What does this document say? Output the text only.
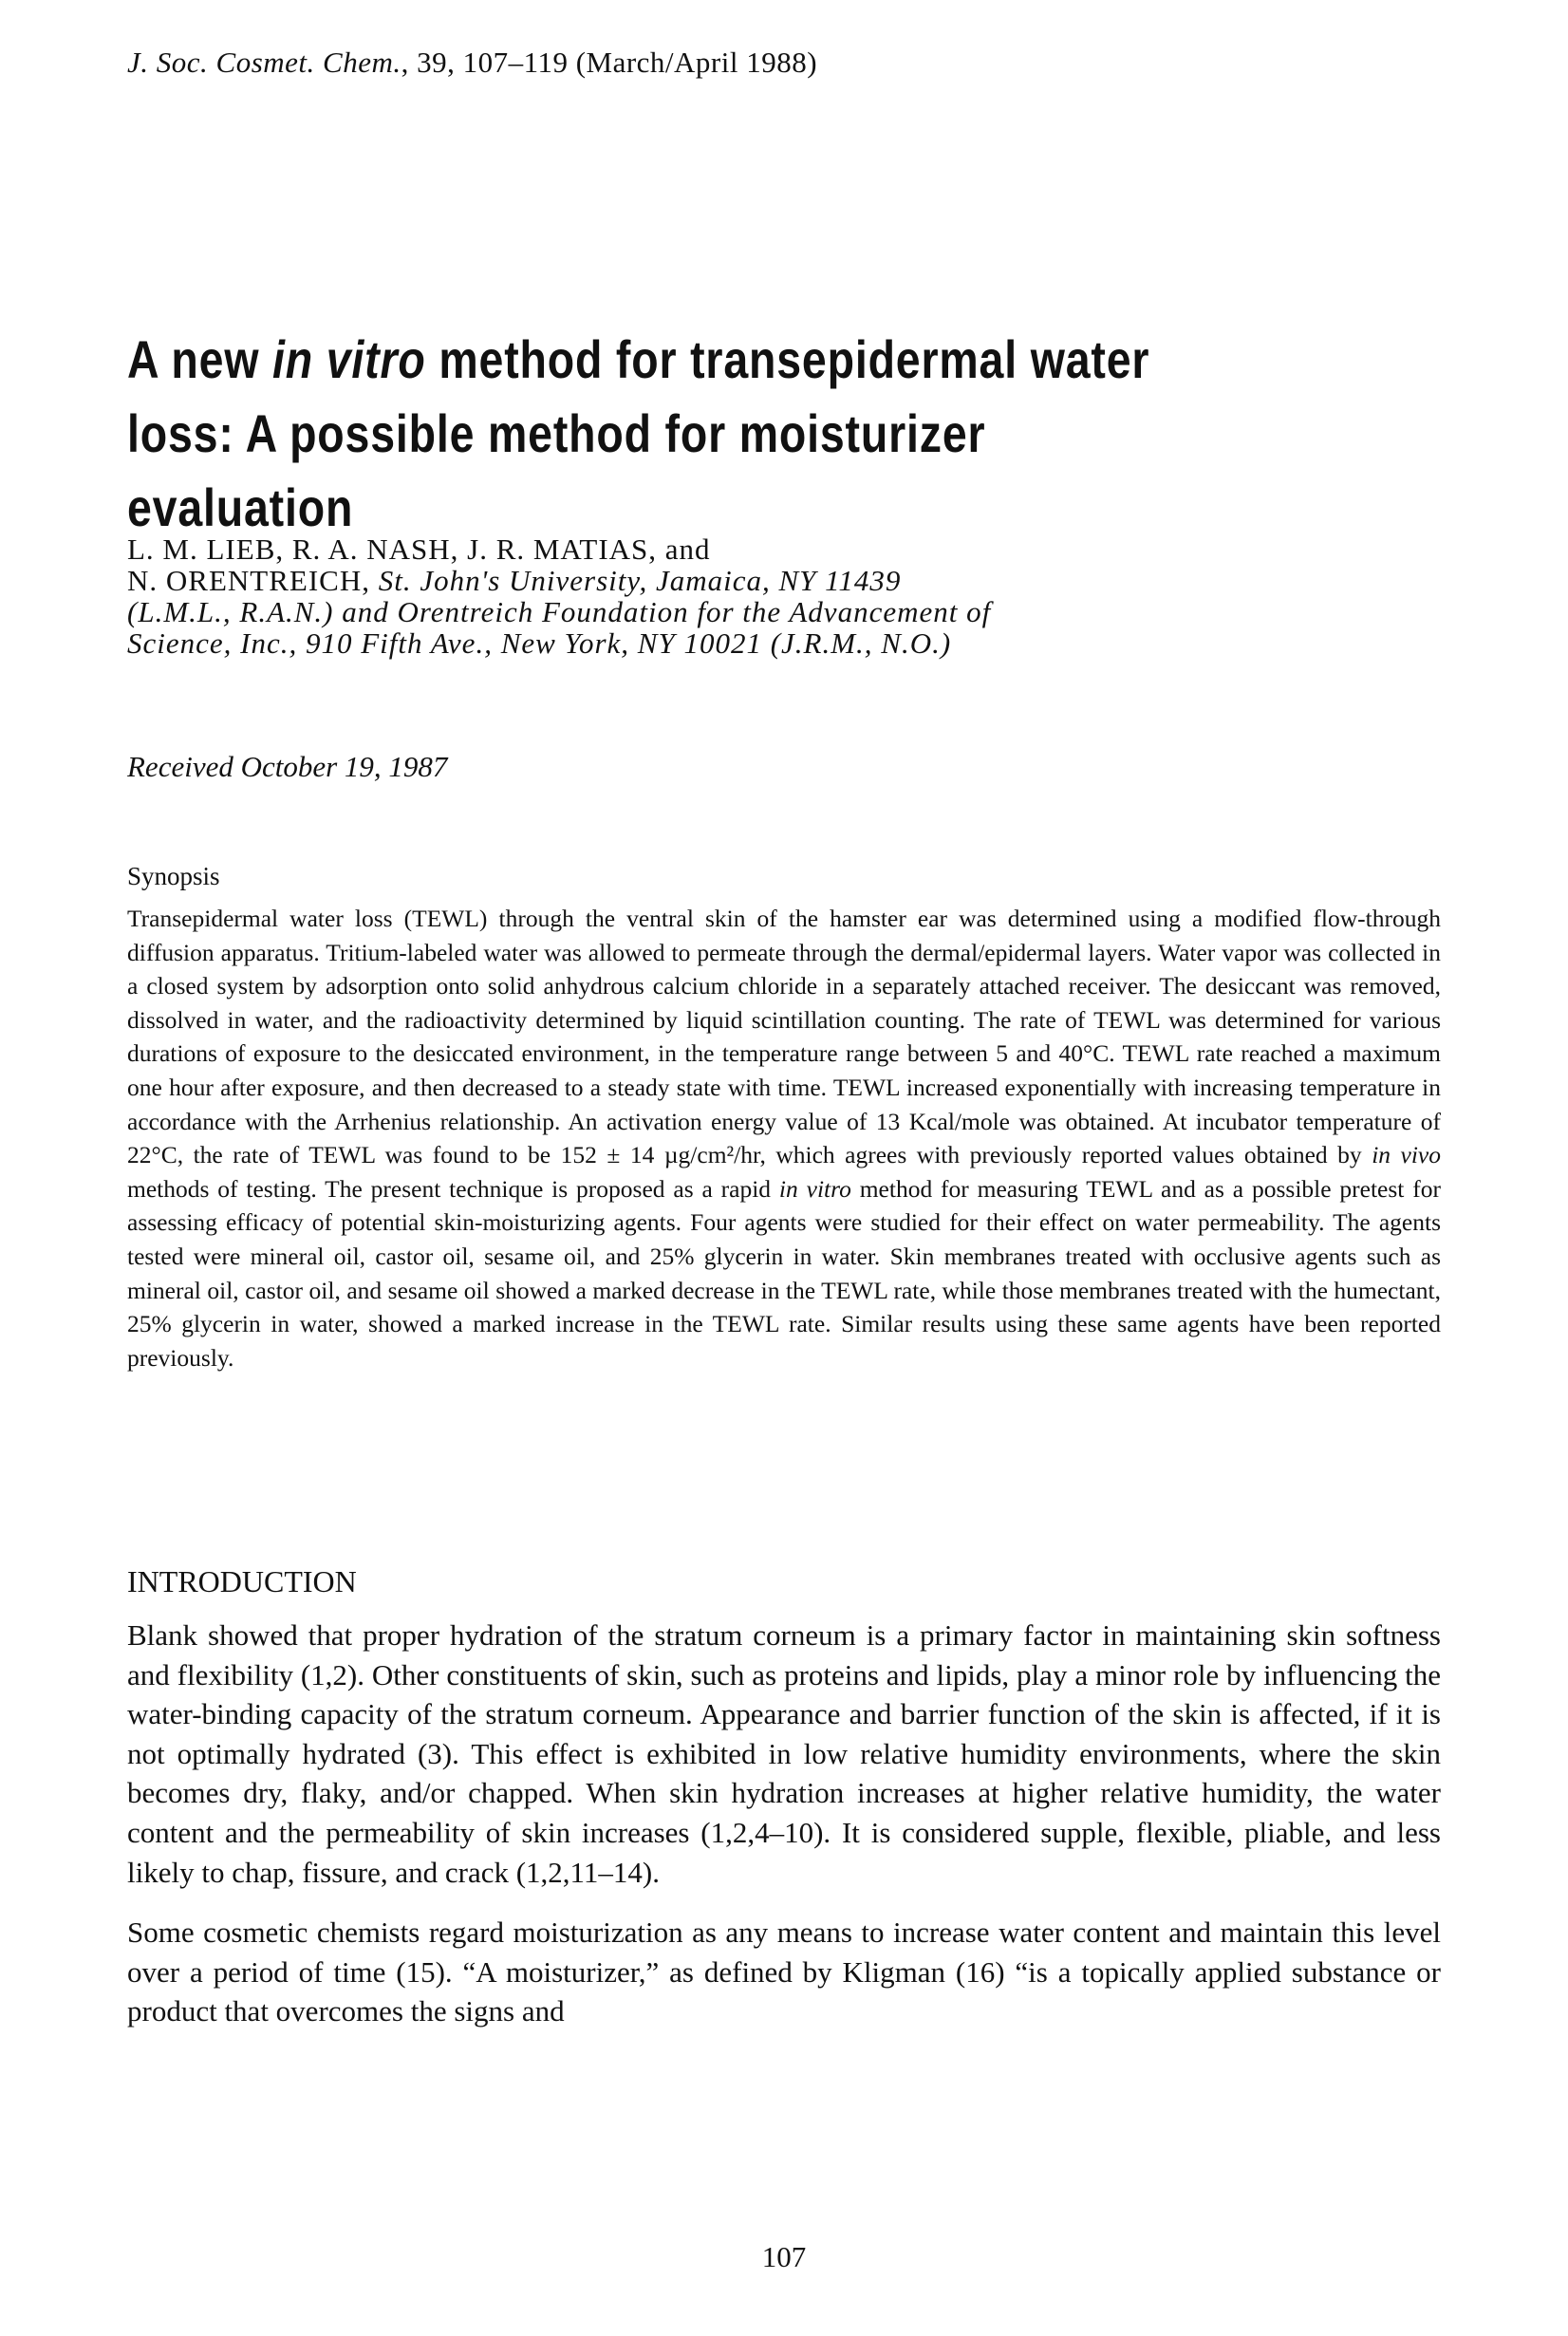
J. Soc. Cosmet. Chem., 39, 107–119 (March/April 1988)
A new in vitro method for transepidermal water loss: A possible method for moisturizer evaluation
L. M. LIEB, R. A. NASH, J. R. MATIAS, and
N. ORENTREICH, St. John's University, Jamaica, NY 11439
(L.M.L., R.A.N.) and Orentreich Foundation for the Advancement of
Science, Inc., 910 Fifth Ave., New York, NY 10021 (J.R.M., N.O.)
Received October 19, 1987
Synopsis

Transepidermal water loss (TEWL) through the ventral skin of the hamster ear was determined using a modified flow-through diffusion apparatus. Tritium-labeled water was allowed to permeate through the dermal/epidermal layers. Water vapor was collected in a closed system by adsorption onto solid anhydrous calcium chloride in a separately attached receiver. The desiccant was removed, dissolved in water, and the radioactivity determined by liquid scintillation counting. The rate of TEWL was determined for various durations of exposure to the desiccated environment, in the temperature range between 5 and 40°C. TEWL rate reached a maximum one hour after exposure, and then decreased to a steady state with time. TEWL increased exponentially with increasing temperature in accordance with the Arrhenius relationship. An activation energy value of 13 Kcal/mole was obtained. At incubator temperature of 22°C, the rate of TEWL was found to be 152 ± 14 µg/cm²/hr, which agrees with previously reported values obtained by in vivo methods of testing. The present technique is proposed as a rapid in vitro method for measuring TEWL and as a possible pretest for assessing efficacy of potential skin-moisturizing agents. Four agents were studied for their effect on water permeability. The agents tested were mineral oil, castor oil, sesame oil, and 25% glycerin in water. Skin membranes treated with occlusive agents such as mineral oil, castor oil, and sesame oil showed a marked decrease in the TEWL rate, while those membranes treated with the humectant, 25% glycerin in water, showed a marked increase in the TEWL rate. Similar results using these same agents have been reported previously.

INTRODUCTION

Blank showed that proper hydration of the stratum corneum is a primary factor in maintaining skin softness and flexibility (1,2). Other constituents of skin, such as proteins and lipids, play a minor role by influencing the water-binding capacity of the stratum corneum. Appearance and barrier function of the skin is affected, if it is not optimally hydrated (3). This effect is exhibited in low relative humidity environments, where the skin becomes dry, flaky, and/or chapped. When skin hydration increases at higher relative humidity, the water content and the permeability of skin increases (1,2,4–10). It is considered supple, flexible, pliable, and less likely to chap, fissure, and crack (1,2,11–14).

Some cosmetic chemists regard moisturization as any means to increase water content and maintain this level over a period of time (15). “A moisturizer,” as defined by Kligman (16) “is a topically applied substance or product that overcomes the signs and

107
